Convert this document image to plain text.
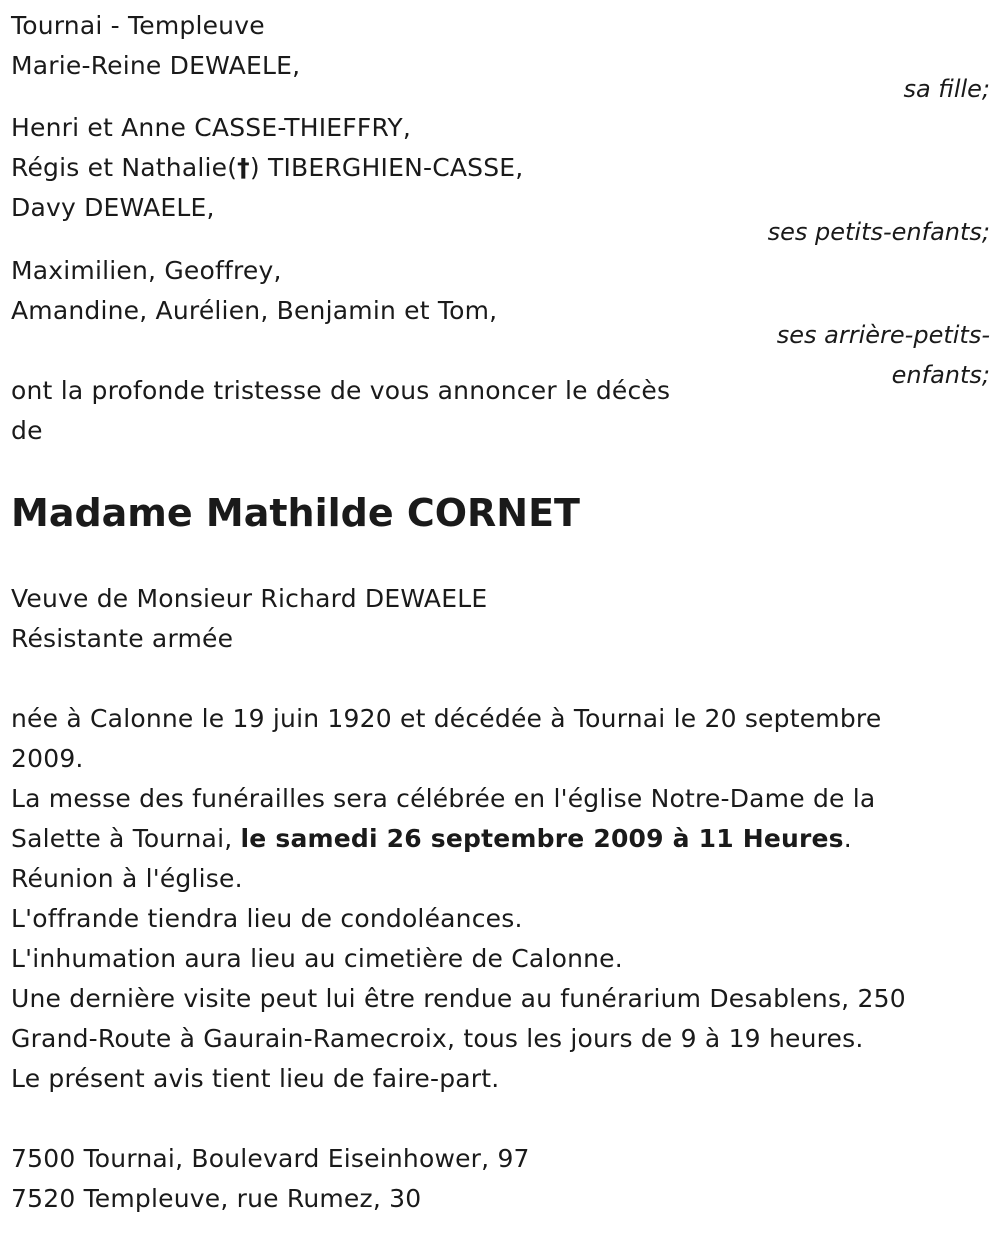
Tournai - Templeuve
Marie-Reine DEWAELE,
sa fille;
Henri et Anne CASSE-THIEFFRY,
Régis et Nathalie(†) TIBERGHIEN-CASSE,
Davy DEWAELE,
ses petits-enfants;
Maximilien, Geoffrey,
Amandine, Aurélien, Benjamin et Tom,
ses arrière-petits-
enfants;
ont la profonde tristesse de vous annoncer le décès
de
Madame Mathilde CORNET
Veuve de Monsieur Richard DEWAELE
Résistante armée
née à Calonne le 19 juin 1920 et décédée à Tournai le 20 septembre
2009.
La messe des funérailles sera célébrée en l'église Notre-Dame de la
Salette à Tournai, le samedi 26 septembre 2009 à 11 Heures.
Réunion à l'église.
L'offrande tiendra lieu de condoléances.
L'inhumation aura lieu au cimetière de Calonne.
Une dernière visite peut lui être rendue au funérarium Desablens, 250
Grand-Route à Gaurain-Ramecroix, tous les jours de 9 à 19 heures.
Le présent avis tient lieu de faire-part.
7500 Tournai, Boulevard Eiseinhower, 97
7520 Templeuve, rue Rumez, 30
